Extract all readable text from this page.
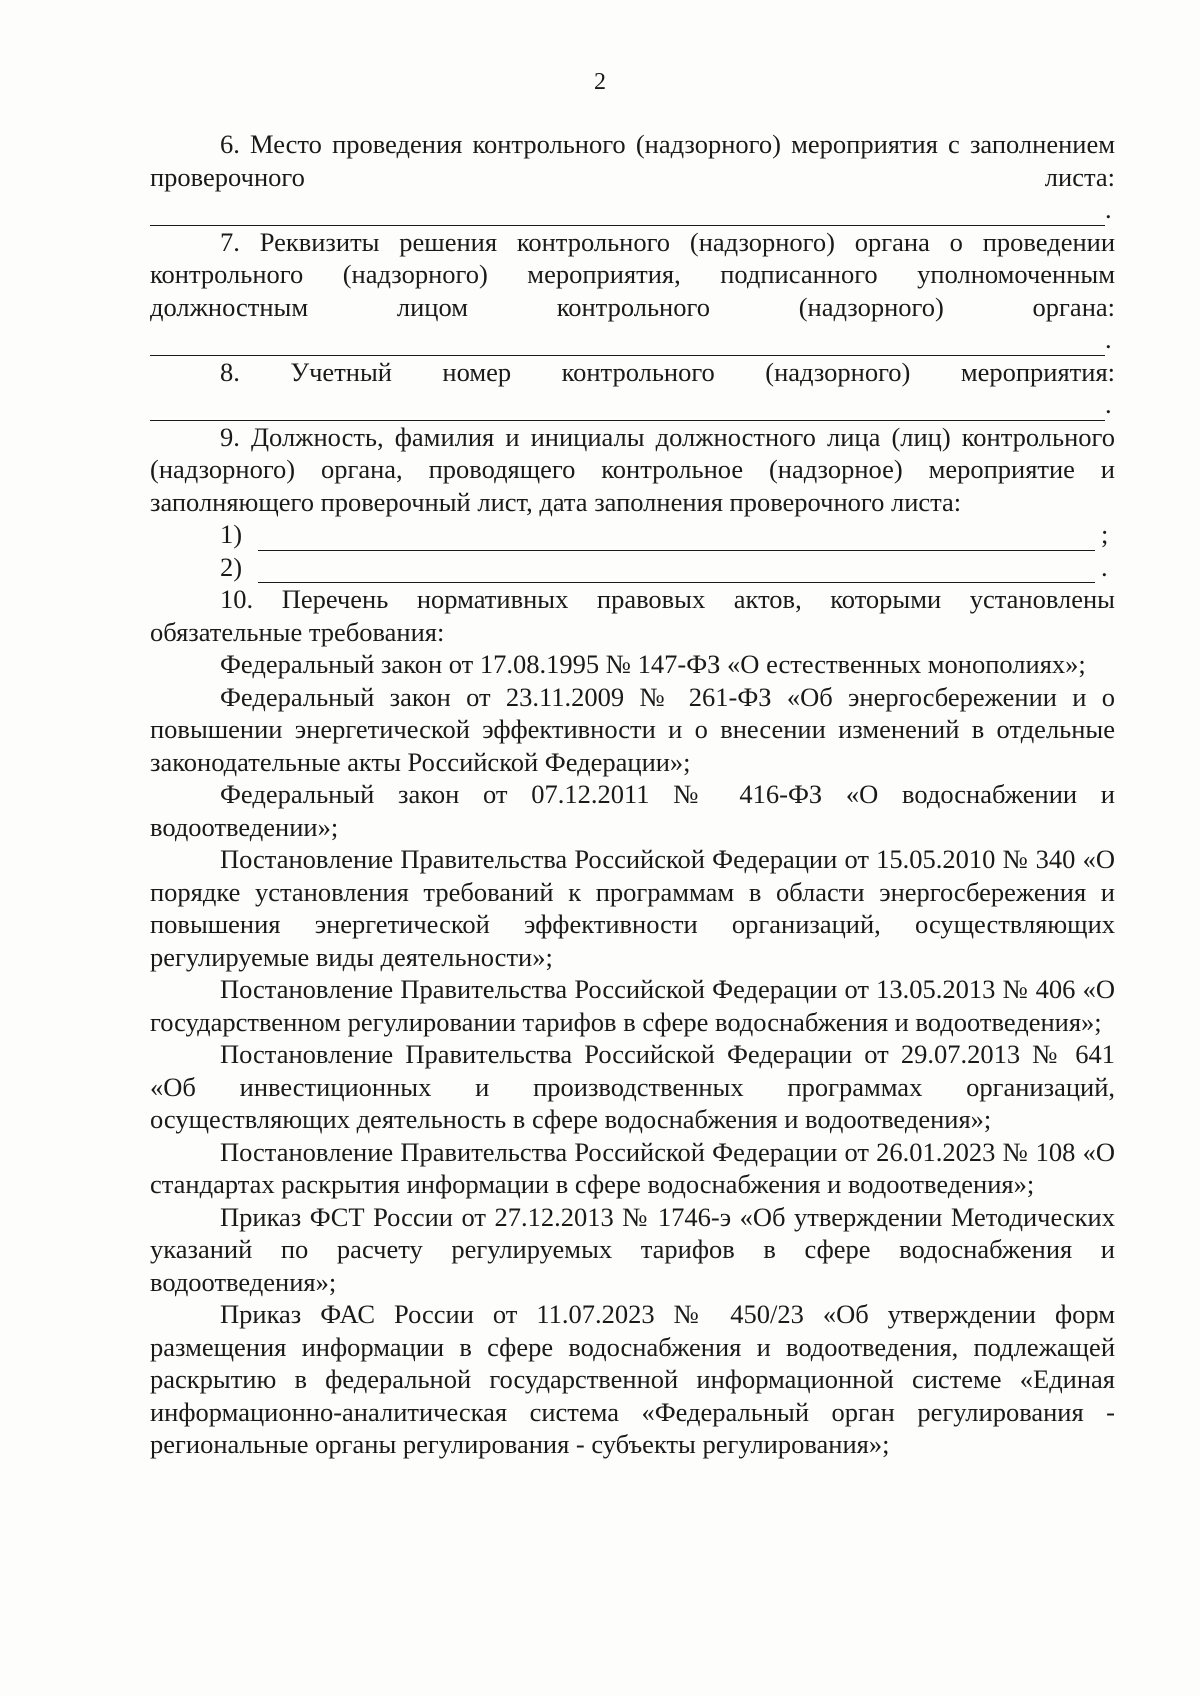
2

6. Место проведения контрольного (надзорного) мероприятия с заполнением проверочного листа:

.

7. Реквизиты решения контрольного (надзорного) органа о проведении контрольного (надзорного) мероприятия, подписанного уполномоченным должностным лицом контрольного (надзорного) органа:

.

8. Учетный номер контрольного (надзорного) мероприятия:

.

9. Должность, фамилия и инициалы должностного лица (лиц) контрольного (надзорного) органа, проводящего контрольное (надзорное) мероприятие и заполняющего проверочный лист, дата заполнения проверочного листа:

1)	;
2)	.

10. Перечень нормативных правовых актов, которыми установлены обязательные требования:

Федеральный закон от 17.08.1995 № 147-ФЗ «О естественных монополиях»;

Федеральный закон от 23.11.2009 № 261-ФЗ «Об энергосбережении и о повышении энергетической эффективности и о внесении изменений в отдельные законодательные акты Российской Федерации»;

Федеральный закон от 07.12.2011 № 416-ФЗ «О водоснабжении и водоотведении»;

Постановление Правительства Российской Федерации от 15.05.2010 № 340 «О порядке установления требований к программам в области энергосбережения и повышения энергетической эффективности организаций, осуществляющих регулируемые виды деятельности»;

Постановление Правительства Российской Федерации от 13.05.2013 № 406 «О государственном регулировании тарифов в сфере водоснабжения и водоотведения»;

Постановление Правительства Российской Федерации от 29.07.2013 № 641 «Об инвестиционных и производственных программах организаций, осуществляющих деятельность в сфере водоснабжения и водоотведения»;

Постановление Правительства Российской Федерации от 26.01.2023 № 108 «О стандартах раскрытия информации в сфере водоснабжения и водоотведения»;

Приказ ФСТ России от 27.12.2013 № 1746-э «Об утверждении Методических указаний по расчету регулируемых тарифов в сфере водоснабжения и водоотведения»;

Приказ ФАС России от 11.07.2023 № 450/23 «Об утверждении форм размещения информации в сфере водоснабжения и водоотведения, подлежащей раскрытию в федеральной государственной информационной системе «Единая информационно-аналитическая система «Федеральный орган регулирования - региональные органы регулирования - субъекты регулирования»;
